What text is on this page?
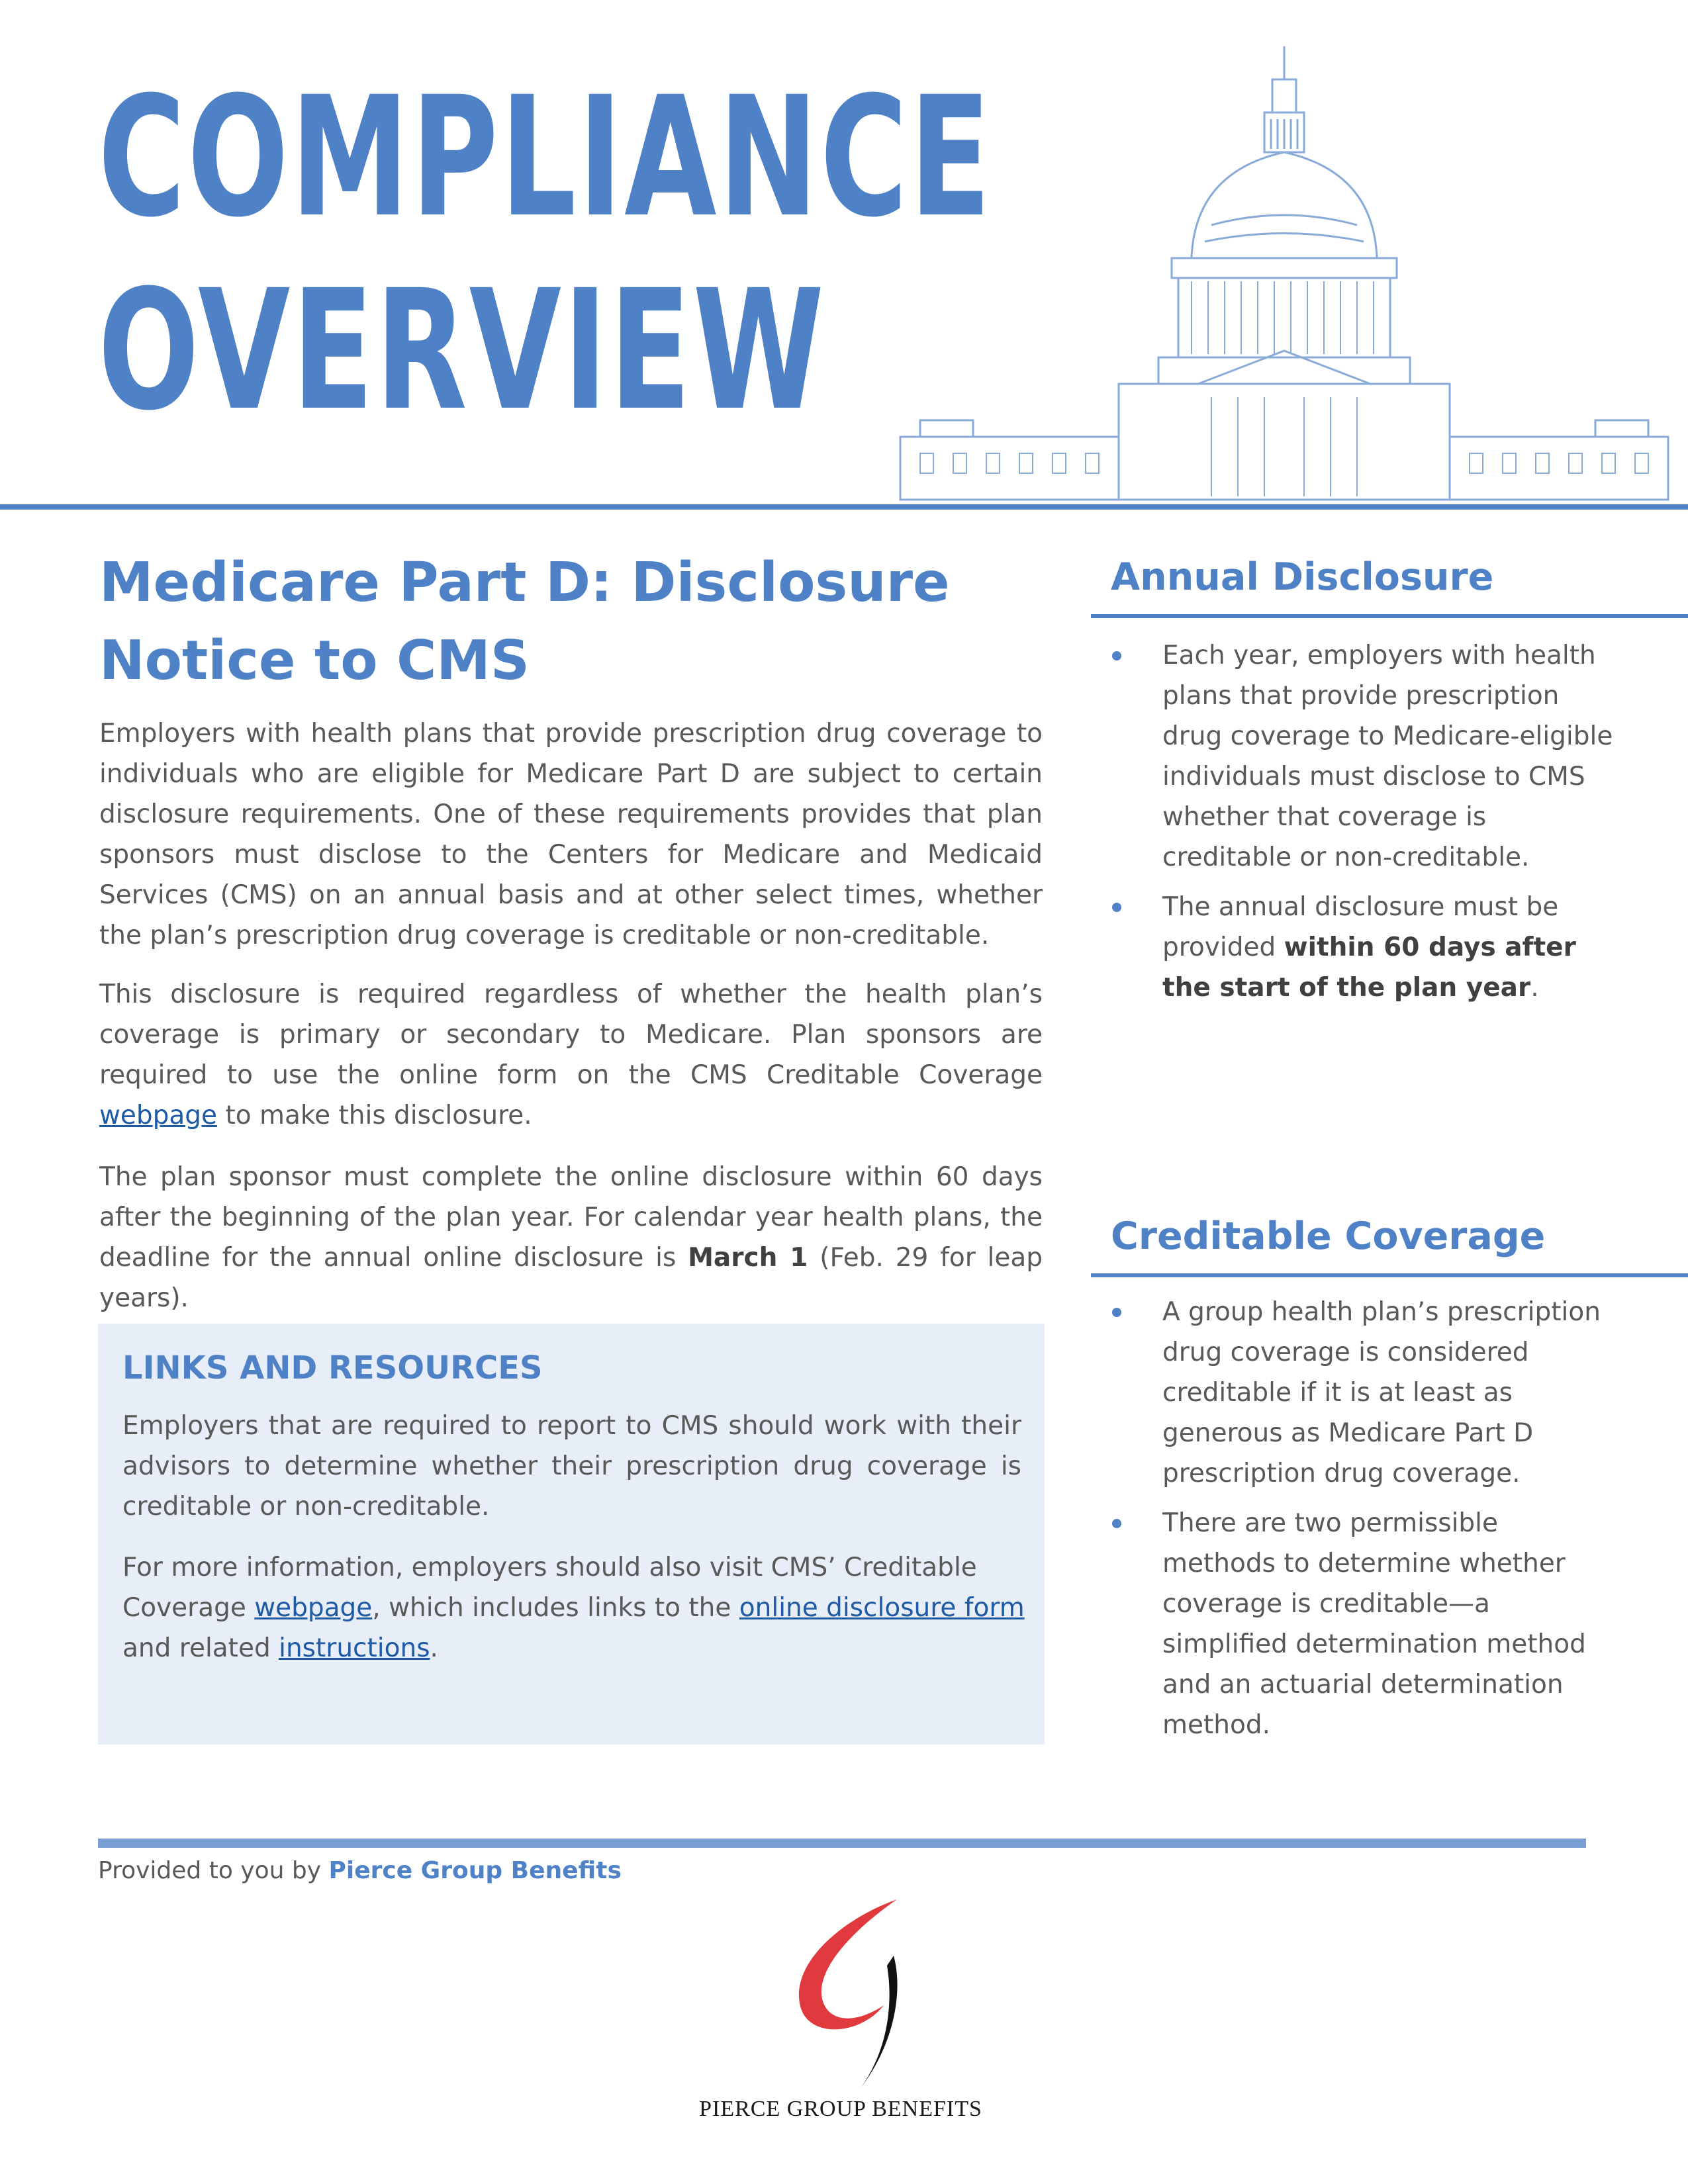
COMPLIANCE
OVERVIEW
Medicare Part D: Disclosure
Notice to CMS
Employers with health plans that provide prescription drug coverage to individuals who are eligible for Medicare Part D are subject to certain disclosure requirements. One of these requirements provides that plan sponsors must disclose to the Centers for Medicare and Medicaid Services (CMS) on an annual basis and at other select times, whether the plan’s prescription drug coverage is creditable or non-creditable.
This disclosure is required regardless of whether the health plan’s coverage is primary or secondary to Medicare. Plan sponsors are required to use the online form on the CMS Creditable Coverage webpage to make this disclosure.
The plan sponsor must complete the online disclosure within 60 days after the beginning of the plan year. For calendar year health plans, the deadline for the annual online disclosure is March 1 (Feb. 29 for leap years).
LINKS AND RESOURCES
Employers that are required to report to CMS should work with their advisors to determine whether their prescription drug coverage is creditable or non-creditable.
For more information, employers should also visit CMS’ Creditable Coverage webpage, which includes links to the online disclosure form and related instructions.
Annual Disclosure
Each year, employers with health plans that provide prescription drug coverage to Medicare-eligible individuals must disclose to CMS whether that coverage is creditable or non-creditable.
The annual disclosure must be provided within 60 days after the start of the plan year.
Creditable Coverage
A group health plan’s prescription drug coverage is considered creditable if it is at least as generous as Medicare Part D prescription drug coverage.
There are two permissible methods to determine whether coverage is creditable—a simplified determination method and an actuarial determination method.
Provided to you by Pierce Group Benefits
PIERCE GROUP BENEFITS
